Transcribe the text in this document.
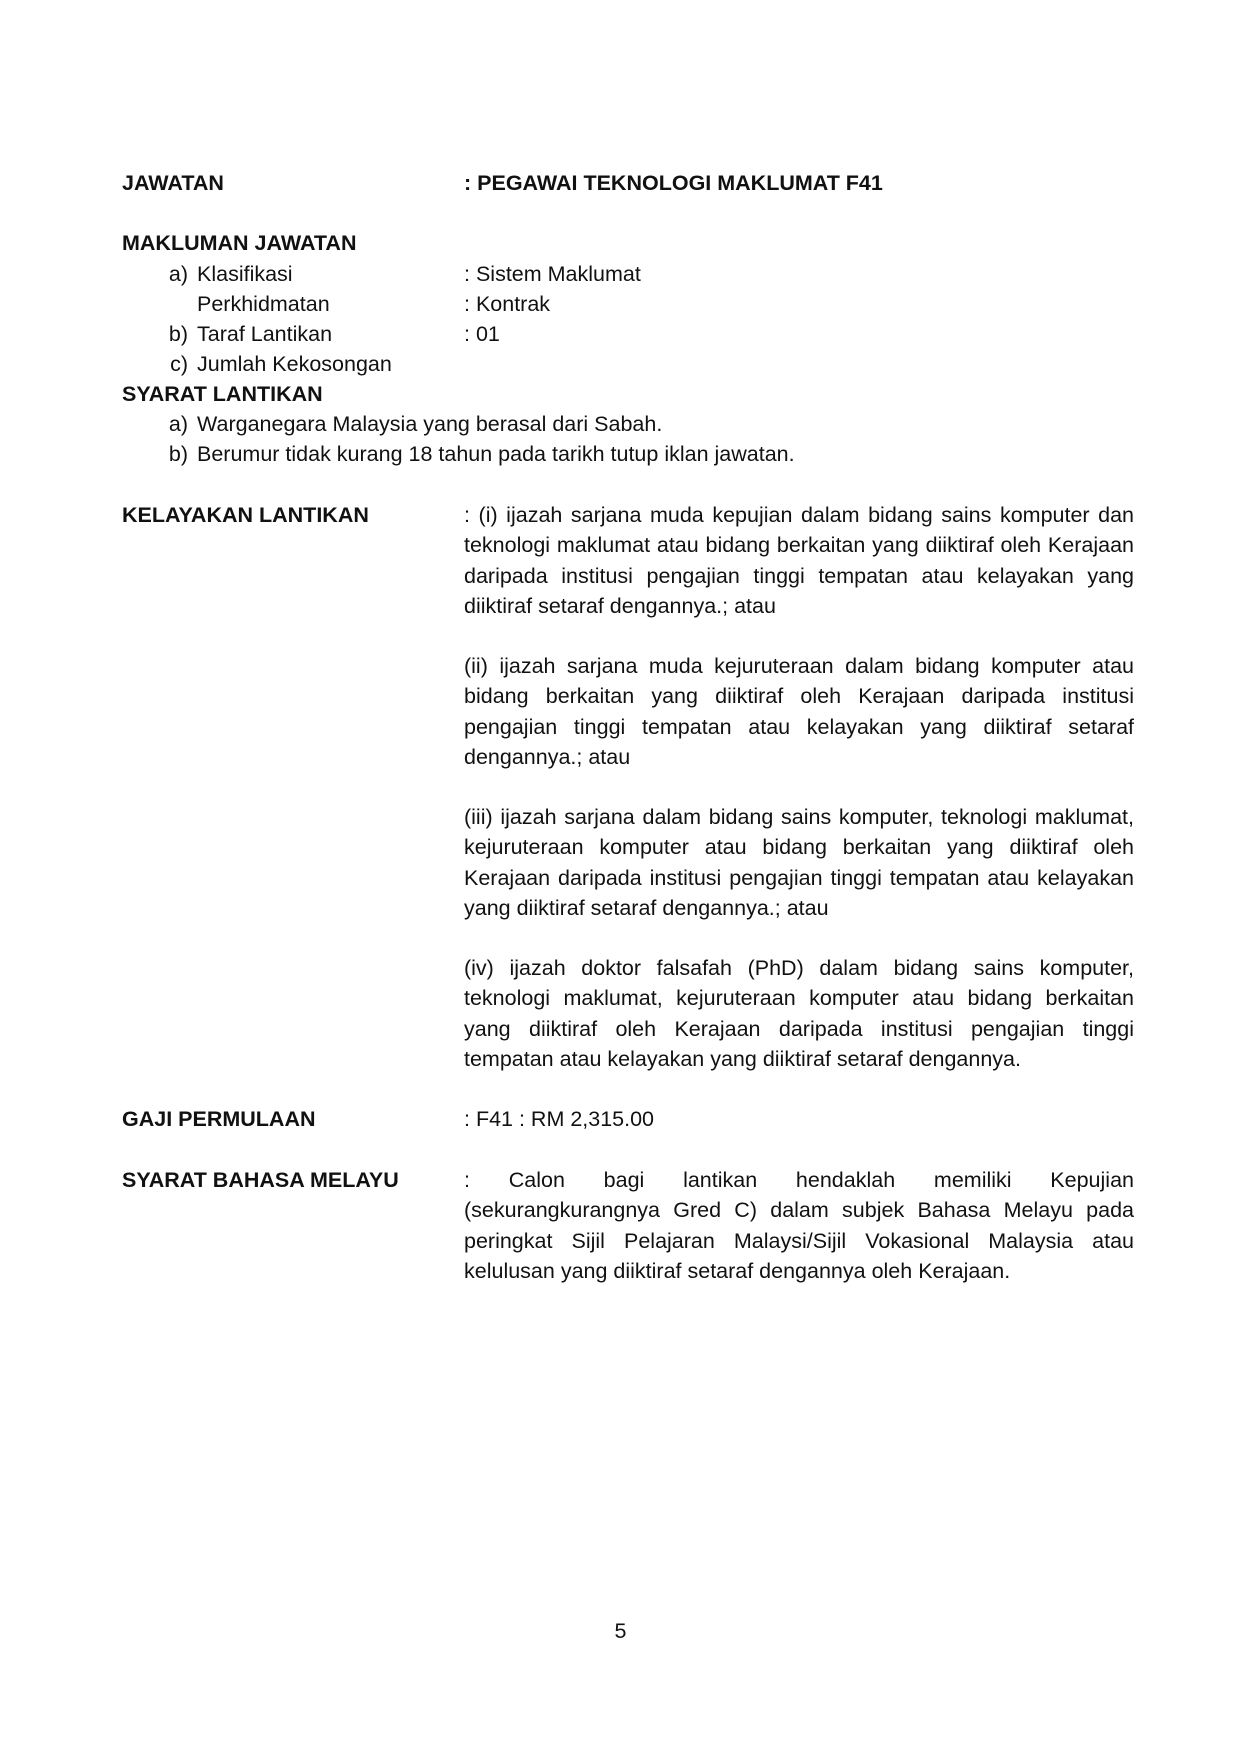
JAWATAN	: PEGAWAI TEKNOLOGI MAKLUMAT F41
MAKLUMAN JAWATAN
a) Klasifikasi	: Sistem Maklumat
Perkhidmatan	: Kontrak
b) Taraf Lantikan	: 01
c) Jumlah Kekosongan
SYARAT LANTIKAN
a) Warganegara Malaysia yang berasal dari Sabah.
b) Berumur tidak kurang 18 tahun pada tarikh tutup iklan jawatan.
KELAYAKAN LANTIKAN	: (i) ijazah sarjana muda kepujian dalam bidang sains komputer dan teknologi maklumat atau bidang berkaitan yang diiktiraf oleh Kerajaan daripada institusi pengajian tinggi tempatan atau kelayakan yang diiktiraf setaraf dengannya.; atau
(ii) ijazah sarjana muda kejuruteraan dalam bidang komputer atau bidang berkaitan yang diiktiraf oleh Kerajaan daripada institusi pengajian tinggi tempatan atau kelayakan yang diiktiraf setaraf dengannya.; atau
(iii) ijazah sarjana dalam bidang sains komputer, teknologi maklumat, kejuruteraan komputer atau bidang berkaitan yang diiktiraf oleh Kerajaan daripada institusi pengajian tinggi tempatan atau kelayakan yang diiktiraf setaraf dengannya.; atau
(iv) ijazah doktor falsafah (PhD) dalam bidang sains komputer, teknologi maklumat, kejuruteraan komputer atau bidang berkaitan yang diiktiraf oleh Kerajaan daripada institusi pengajian tinggi tempatan atau kelayakan yang diiktiraf setaraf dengannya.
GAJI PERMULAAN	: F41 : RM 2,315.00
SYARAT BAHASA MELAYU	: Calon bagi lantikan hendaklah memiliki Kepujian (sekurangkurangnya Gred C) dalam subjek Bahasa Melayu pada peringkat Sijil Pelajaran Malaysi/Sijil Vokasional Malaysia atau kelulusan yang diiktiraf setaraf dengannya oleh Kerajaan.
5
